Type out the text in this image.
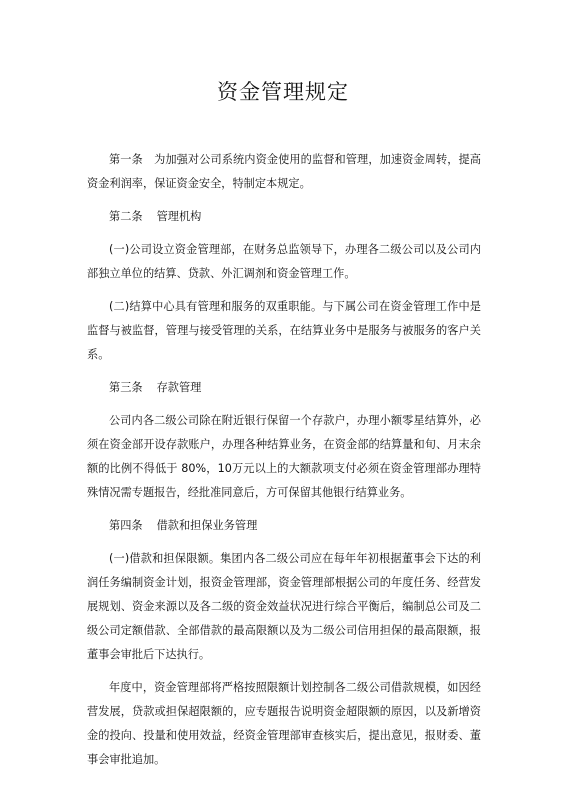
资金管理规定

第一条　为加强对公司系统内资金使用的监督和管理，加速资金周转，提高资金利润率，保证资金安全，特制定本规定。

第二条 管理机构

(一)公司设立资金管理部，在财务总监领导下，办理各二级公司以及公司内部独立单位的结算、贷款、外汇调剂和资金管理工作。

(二)结算中心具有管理和服务的双重职能。与下属公司在资金管理工作中是监督与被监督，管理与接受管理的关系，在结算业务中是服务与被服务的客户关系。

第三条 存款管理

公司内各二级公司除在附近银行保留一个存款户，办理小额零星结算外，必须在资金部开设存款账户，办理各种结算业务，在资金部的结算量和旬、月末余额的比例不得低于 80%，10万元以上的大额款项支付必须在资金管理部办理特殊情况需专题报告，经批准同意后，方可保留其他银行结算业务。

第四条 借款和担保业务管理

(一)借款和担保限额。集团内各二级公司应在每年年初根据董事会下达的利润任务编制资金计划，报资金管理部，资金管理部根据公司的年度任务、经营发展规划、资金来源以及各二级的资金效益状况进行综合平衡后，编制总公司及二级公司定额借款、全部借款的最高限额以及为二级公司信用担保的最高限额，报董事会审批后下达执行。

年度中，资金管理部将严格按照限额计划控制各二级公司借款规模，如因经营发展，贷款或担保超限额的，应专题报告说明资金超限额的原因，以及新增资金的投向、投量和使用效益，经资金管理部审查核实后，提出意见，报财委、董事会审批追加。
